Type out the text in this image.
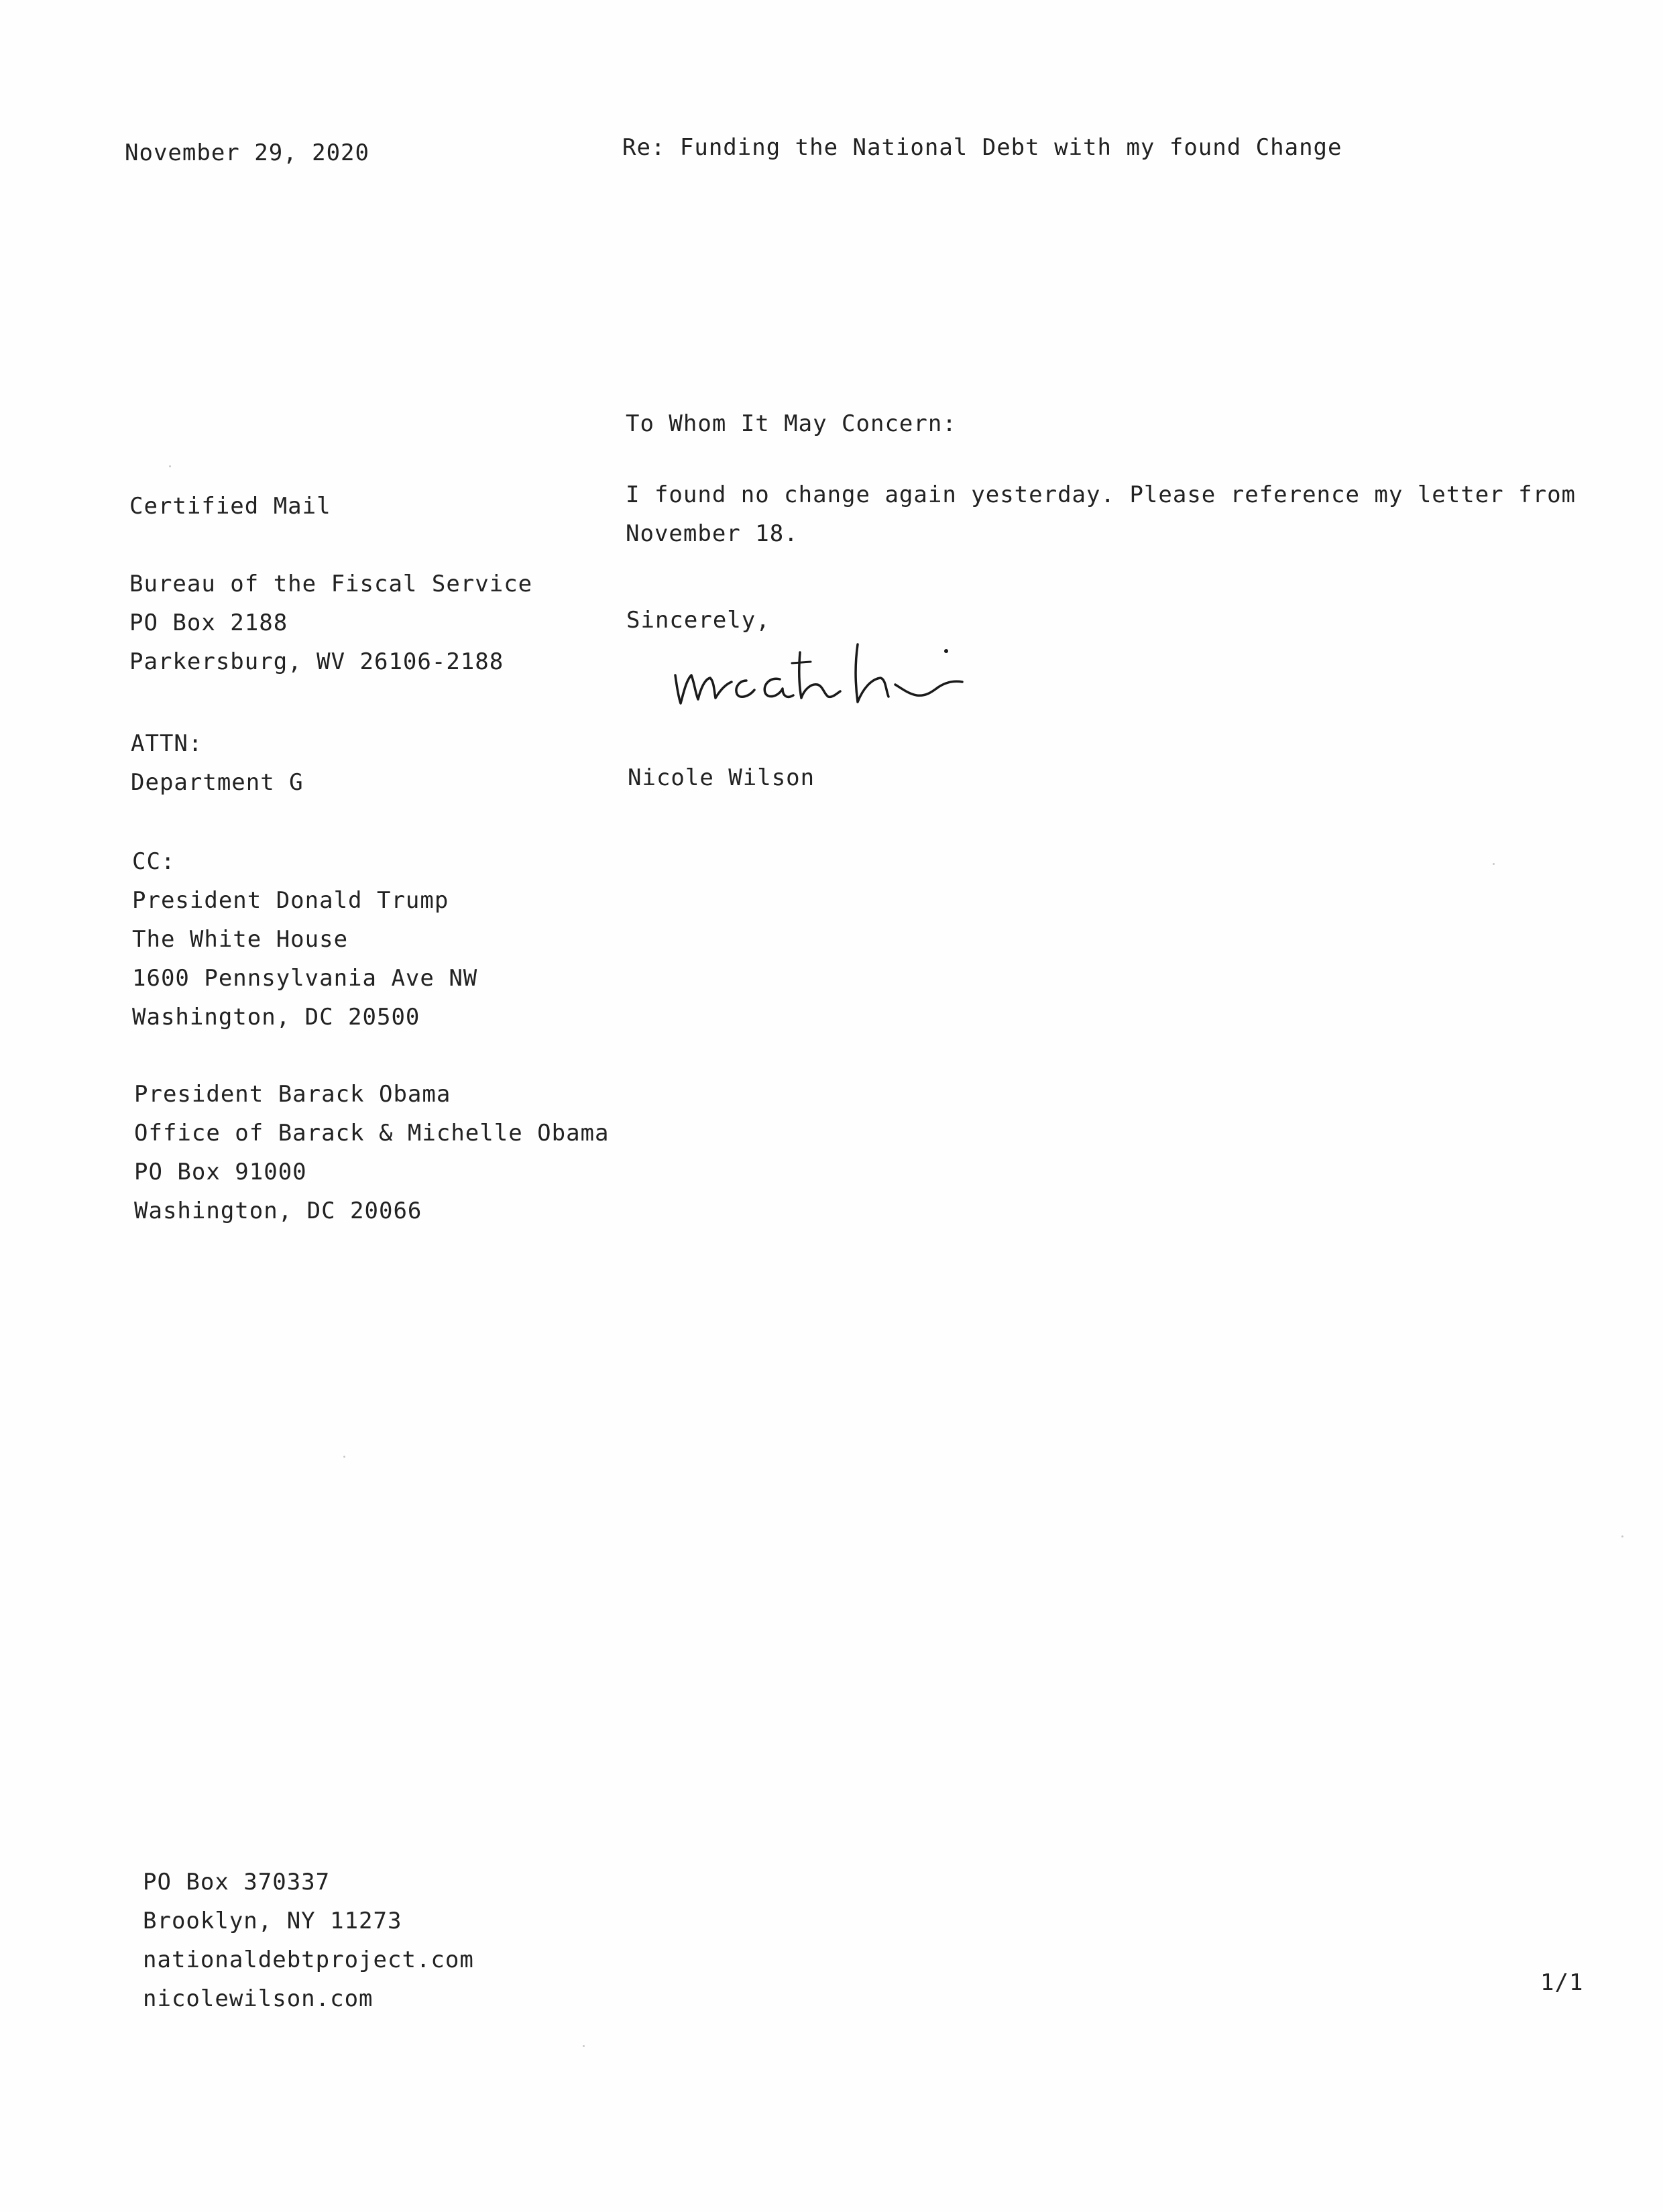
November 29, 2020	Re: Funding the National Debt with my found Change
Certified Mail
Bureau of the Fiscal Service
PO Box 2188
Parkersburg, WV 26106-2188
ATTN:
Department G
CC:
President Donald Trump
The White House
1600 Pennsylvania Ave NW
Washington, DC 20500
President Barack Obama
Office of Barack & Michelle Obama
PO Box 91000
Washington, DC 20066
To Whom It May Concern:
I found no change again yesterday. Please reference my letter from
November 18.
Sincerely,
Nicole Wilson
PO Box 370337
Brooklyn, NY 11273
nationaldebtproject.com
nicolewilson.com
1/1
